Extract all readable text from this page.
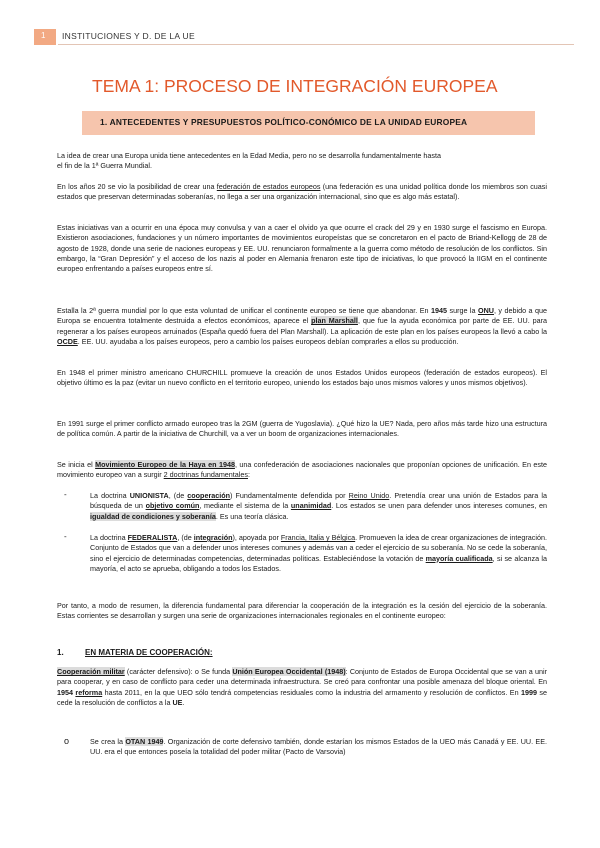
1 INSTITUCIONES Y D. DE LA UE
TEMA 1: PROCESO DE INTEGRACIÓN EUROPEA
1. ANTECEDENTES Y PRESUPUESTOS POLÍTICO-CONÓMICO DE LA UNIDAD EUROPEA
La idea de crear una Europa unida tiene antecedentes en la Edad Media, pero no se desarrolla fundamentalmente hasta
el fin de la 1ª Guerra Mundial.
En los años 20 se vio la posibilidad de crear una federación de estados europeos (una federación es una unidad política donde los miembros son cuasi estados que preservan determinadas soberanías, no llega a ser una organización internacional, sino que es algo más estatal).
Estas iniciativas van a ocurrir en una época muy convulsa y van a caer el olvido ya que ocurre el crack del 29 y en 1930 surge el fascismo en Europa. Existieron asociaciones, fundaciones y un número importantes de movimientos europeístas que se concretaron en el pacto de Briand-Kellogg de 28 de agosto de 1928, donde una serie de naciones europeas y EE. UU. renunciaron formalmente a la guerra como método de resolución de los conflictos. Sin embargo, la “Gran Depresión” y el acceso de los nazis al poder en Alemania frenaron este tipo de iniciativas, lo que provocó la IIGM en el continente europeo enfrentando a países europeos entre sí.
Estalla la 2ª guerra mundial por lo que esta voluntad de unificar el continente europeo se tiene que abandonar. En 1945 surge la ONU, y debido a que Europa se encuentra totalmente destruida a efectos económicos, aparece el plan Marshall, que fue la ayuda económica por parte de EE. UU. para regenerar a los países europeos arruinados (España quedó fuera del Plan Marshall). La aplicación de este plan en los países europeos la llevó a cabo la OCDE. EE. UU. ayudaba a los países europeos, pero a cambio los países europeos debían comprarles a ellos su producción.
En 1948 el primer ministro americano CHURCHILL promueve la creación de unos Estados Unidos europeos (federación de estados europeos). El objetivo último es la paz (evitar un nuevo conflicto en el territorio europeo, uniendo los estados bajo unos mismos valores y unos mismos objetivos).
En 1991 surge el primer conflicto armado europeo tras la 2GM (guerra de Yugoslavia). ¿Qué hizo la UE? Nada, pero años más tarde hizo una estructura de política común. A partir de la iniciativa de Churchill, va a ver un boom de organizaciones internacionales.
Se inicia el Movimiento Europeo de la Haya en 1948, una confederación de asociaciones nacionales que proponían opciones de unificación. En este movimiento europeo van a surgir 2 doctrinas fundamentales:
-	La doctrina UNIONISTA, (de cooperación) Fundamentalmente defendida por Reino Unido. Pretendía crear una unión de Estados para la búsqueda de un objetivo común, mediante el sistema de la unanimidad. Los estados se unen para defender unos intereses comunes, en igualdad de condiciones y soberanía. Es una teoría clásica.
-	La doctrina FEDERALISTA, (de integración), apoyada por Francia, Italia y Bélgica. Promueven la idea de crear organizaciones de integración. Conjunto de Estados que van a defender unos intereses comunes y además van a ceder el ejercicio de su soberanía. No se cede la soberanía, sino el ejercicio de determinadas competencias, determinadas políticas. Estableciéndose la votación de mayoría cualificada, si se alcanza la mayoría, el acto se aprueba, obligando a todos los Estados.
Por tanto, a modo de resumen, la diferencia fundamental para diferenciar la cooperación de la integración es la cesión del ejercicio de la soberanía. Estas corrientes se desarrollan y surgen una serie de organizaciones internacionales regionales en el continente europeo:
1.	EN MATERIA DE COOPERACIÓN:
Cooperación militar (carácter defensivo): o Se funda Unión Europea Occidental (1948): Conjunto de Estados de Europa Occidental que se van a unir para cooperar, y en caso de conflicto para ceder una determinada infraestructura. Se creó para confrontar una posible amenaza del bloque oriental. En 1954 reforma hasta 2011, en la que UEO sólo tendrá competencias residuales como la industria del armamento y resolución de conflictos. En 1999 se cede la resolución de conflictos a la UE.
o	Se crea la OTAN 1949. Organización de corte defensivo también, donde estarían los mismos Estados de la UEO más Canadá y EE. UU. EE. UU. era el que entonces poseía la totalidad del poder militar (Pacto de Varsovia)
